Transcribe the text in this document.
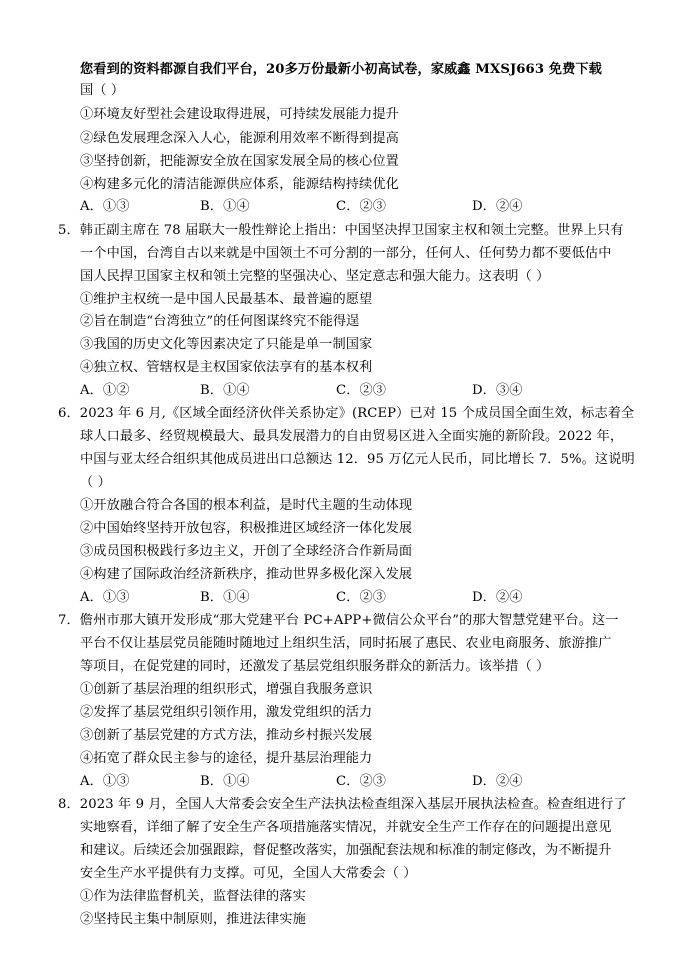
您看到的资料都源自我们平台，20多万份最新小初高试卷，家威鑫 MXSJ663 免费下载
国（ ）
①环境友好型社会建设取得进展，可持续发展能力提升
②绿色发展理念深入人心，能源利用效率不断得到提高
③坚持创新，把能源安全放在国家发展全局的核心位置
④构建多元化的清洁能源供应体系，能源结构持续优化
A．①③	B．①④	C．②③	D．②④
5．韩正副主席在 78 届联大一般性辩论上指出：中国坚决捍卫国家主权和领土完整。世界上只有
一个中国，台湾自古以来就是中国领土不可分割的一部分，任何人、任何势力都不要低估中
国人民捍卫国家主权和领土完整的坚强决心、坚定意志和强大能力。这表明（ ）
①维护主权统一是中国人民最基本、最普遍的愿望
②旨在制造“台湾独立”的任何图谋终究不能得逞
③我国的历史文化等因素决定了只能是单一制国家
④独立权、管辖权是主权国家依法享有的基本权利
A．①②	B．①④	C．②③	D．③④
6．2023 年 6 月,《区域全面经济伙伴关系协定》(RCEP）已对 15 个成员国全面生效，标志着全
球人口最多、经贸规模最大、最具发展潜力的自由贸易区进入全面实施的新阶段。2022 年，
中国与亚太经合组织其他成员进出口总额达 12．95 万亿元人民币，同比增长 7．5%。这说明
（ ）
①开放融合符合各国的根本利益，是时代主题的生动体现
②中国始终坚持开放包容，积极推进区域经济一体化发展
③成员国积极践行多边主义，开创了全球经济合作新局面
④构建了国际政治经济新秩序，推动世界多极化深入发展
A．①③	B．①④	C．②③	D．②④
7．儋州市那大镇开发形成“那大党建平台 PC+APP+微信公众平台”的那大智慧党建平台。这一
平台不仅让基层党员能随时随地过上组织生活，同时拓展了惠民、农业电商服务、旅游推广
等项目，在促党建的同时，还激发了基层党组织服务群众的新活力。该举措（ ）
①创新了基层治理的组织形式，增强自我服务意识
②发挥了基层党组织引领作用，激发党组织的活力
③创新了基层党建的方式方法，推动乡村振兴发展
④拓宽了群众民主参与的途径，提升基层治理能力
A．①③	B．①④	C．②③	D．②④
8．2023 年 9 月，全国人大常委会安全生产法执法检查组深入基层开展执法检查。检查组进行了
实地察看，详细了解了安全生产各项措施落实情况，并就安全生产工作存在的问题提出意见
和建议。后续还会加强跟踪，督促整改落实，加强配套法规和标准的制定修改，为不断提升
安全生产水平提供有力支撑。可见，全国人大常委会（ ）
①作为法律监督机关，监督法律的落实
②坚持民主集中制原则，推进法律实施
